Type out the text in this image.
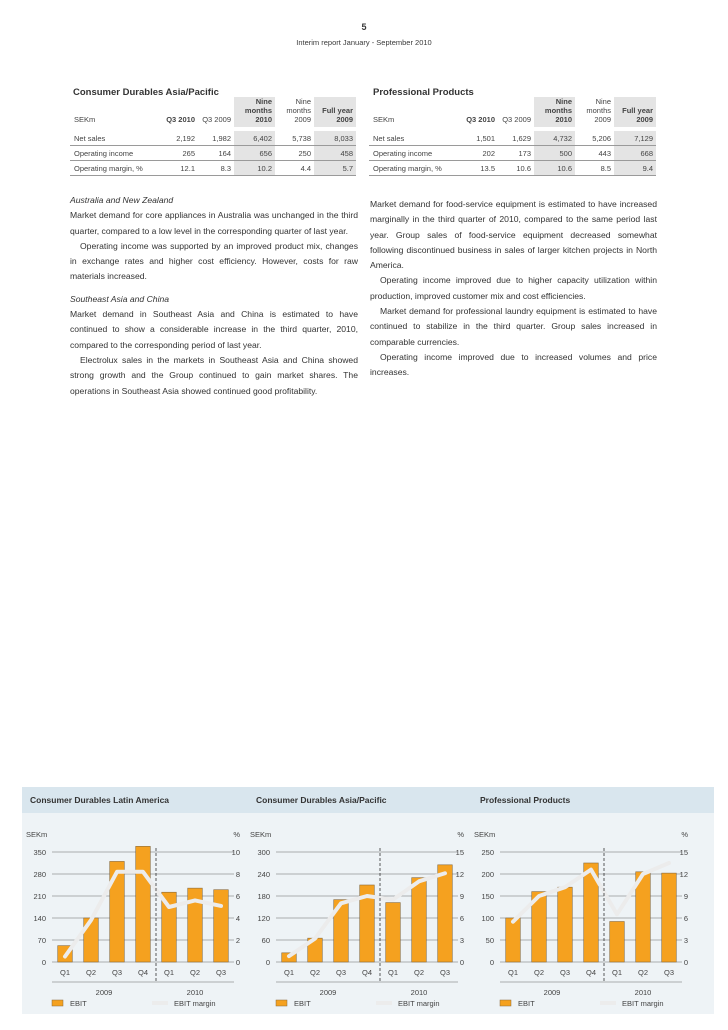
5
Interim report January - September 2010
Consumer Durables Asia/Pacific
SEKm	Q3 2010	Q3 2009	Nine months 2010	Nine months 2009	Full year 2009
Net sales	2,192	1,982	6,402	5,738	8,033
Operating income	265	164	656	250	458
Operating margin, %	12.1	8.3	10.2	4.4	5.7
Professional Products
SEKm	Q3 2010	Q3 2009	Nine months 2010	Nine months 2009	Full year 2009
Net sales	1,501	1,629	4,732	5,206	7,129
Operating income	202	173	500	443	668
Operating margin, %	13.5	10.6	10.6	8.5	9.4

Australia and New Zealand

Market demand for core appliances in Australia was unchanged in the third quarter, compared to a low level in the corresponding quarter of last year.

Operating income was supported by an improved product mix, changes in exchange rates and higher cost efficiency. However, costs for raw materials increased.

Southeast Asia and China

Market demand in Southeast Asia and China is estimated to have continued to show a considerable increase in the third quarter, 2010, compared to the corresponding period of last year.

Electrolux sales in the markets in Southeast Asia and China showed strong growth and the Group continued to gain market shares. The operations in Southeast Asia showed continued good profitability.

Market demand for food-service equipment is estimated to have increased marginally in the third quarter of 2010, compared to the same period last year. Group sales of food-service equipment decreased somewhat following discontinued business in sales of larger kitchen projects in North America.

Operating income improved due to higher capacity utilization within production, improved customer mix and cost efficiencies.

Market demand for professional laundry equipment is estimated to have continued to stabilize in the third quarter. Group sales increased in comparable currencies.

Operating income improved due to increased volumes and price increases.

Consumer Durables Latin America	Consumer Durables Asia/Pacific	Professional Products
SEKm	%
0	0
70	2
140	4
210	6
280	8
350	10
Q1 Q2 Q3 Q4 Q1 Q2 Q3
2009	2010
EBIT	EBIT margin
SEKm	%
0	0
60	3
120	6
180	9
240	12
300	15
Q1 Q2 Q3 Q4 Q1 Q2 Q3
2009	2010
EBIT	EBIT margin
SEKm	%
0	0
50	3
100	6
150	9
200	12
250	15
Q1 Q2 Q3 Q4 Q1 Q2 Q3
2009	2010
EBIT	EBIT margin
